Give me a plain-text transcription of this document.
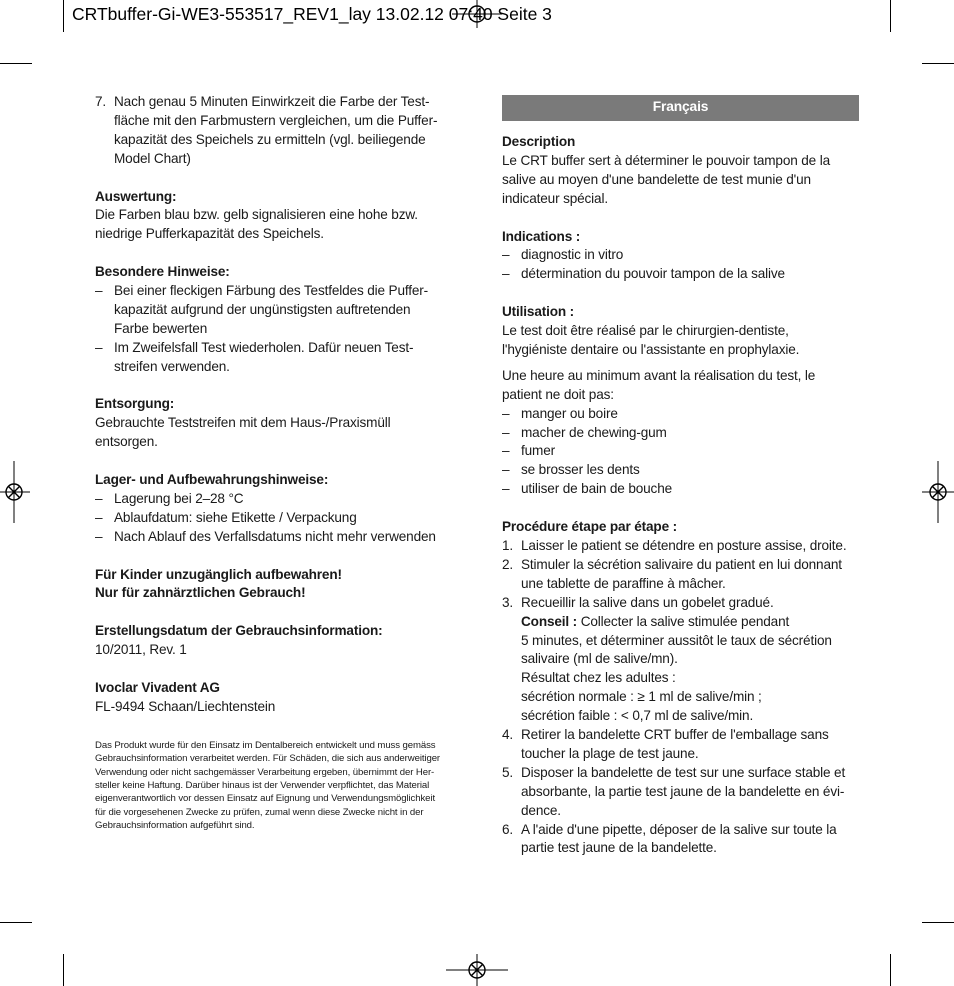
CRTbuffer-Gi-WE3-553517_REV1_lay 13.02.12 07:40 Seite 3
7. Nach genau 5 Minuten Einwirkzeit die Farbe der Test-
fläche mit den Farbmustern vergleichen, um die Puffer-
kapazität des Speichels zu ermitteln (vgl. beiliegende
Model Chart)
Auswertung:
Die Farben blau bzw. gelb signalisieren eine hohe bzw.
niedrige Pufferkapazität des Speichels.
Besondere Hinweise:
– Bei einer fleckigen Färbung des Testfeldes die Puffer-
kapazität aufgrund der ungünstigsten auftretenden
Farbe bewerten
– Im Zweifelsfall Test wiederholen. Dafür neuen Test-
streifen verwenden.
Entsorgung:
Gebrauchte Teststreifen mit dem Haus-/Praxismüll
entsorgen.
Lager- und Aufbewahrungshinweise:
– Lagerung bei 2–28 °C
– Ablaufdatum: siehe Etikette / Verpackung
– Nach Ablauf des Verfallsdatums nicht mehr verwenden
Für Kinder unzugänglich aufbewahren!
Nur für zahnärztlichen Gebrauch!
Erstellungsdatum der Gebrauchsinformation:
10/2011, Rev. 1
Ivoclar Vivadent AG
FL-9494 Schaan/Liechtenstein
Das Produkt wurde für den Einsatz im Dentalbereich entwickelt und muss gemäss
Gebrauchsinformation verarbeitet werden. Für Schäden, die sich aus anderweitiger
Verwendung oder nicht sachgemässer Verarbeitung ergeben, übernimmt der Her-
steller keine Haftung. Darüber hinaus ist der Verwender verpflichtet, das Material
eigenverantwortlich vor dessen Einsatz auf Eignung und Verwendungsmöglichkeit
für die vorgesehenen Zwecke zu prüfen, zumal wenn diese Zwecke nicht in der
Gebrauchsinformation aufgeführt sind.
Français
Description
Le CRT buffer sert à déterminer le pouvoir tampon de la
salive au moyen d'une bandelette de test munie d'un
indicateur spécial.
Indications :
– diagnostic in vitro
– détermination du pouvoir tampon de la salive
Utilisation :
Le test doit être réalisé par le chirurgien-dentiste,
l'hygiéniste dentaire ou l'assistante en prophylaxie.
Une heure au minimum avant la réalisation du test, le
patient ne doit pas:
– manger ou boire
– macher de chewing-gum
– fumer
– se brosser les dents
– utiliser de bain de bouche
Procédure étape par étape :
1. Laisser le patient se détendre en posture assise, droite.
2. Stimuler la sécrétion salivaire du patient en lui donnant
une tablette de paraffine à mâcher.
3. Recueillir la salive dans un gobelet gradué.
Conseil : Collecter la salive stimulée pendant
5 minutes, et déterminer aussitôt le taux de sécrétion
salivaire (ml de salive/mn).
Résultat chez les adultes :
sécrétion normale : ≥ 1 ml de salive/min ;
sécrétion faible : < 0,7 ml de salive/min.
4. Retirer la bandelette CRT buffer de l'emballage sans
toucher la plage de test jaune.
5. Disposer la bandelette de test sur une surface stable et
absorbante, la partie test jaune de la bandelette en évi-
dence.
6. A l'aide d'une pipette, déposer de la salive sur toute la
partie test jaune de la bandelette.
